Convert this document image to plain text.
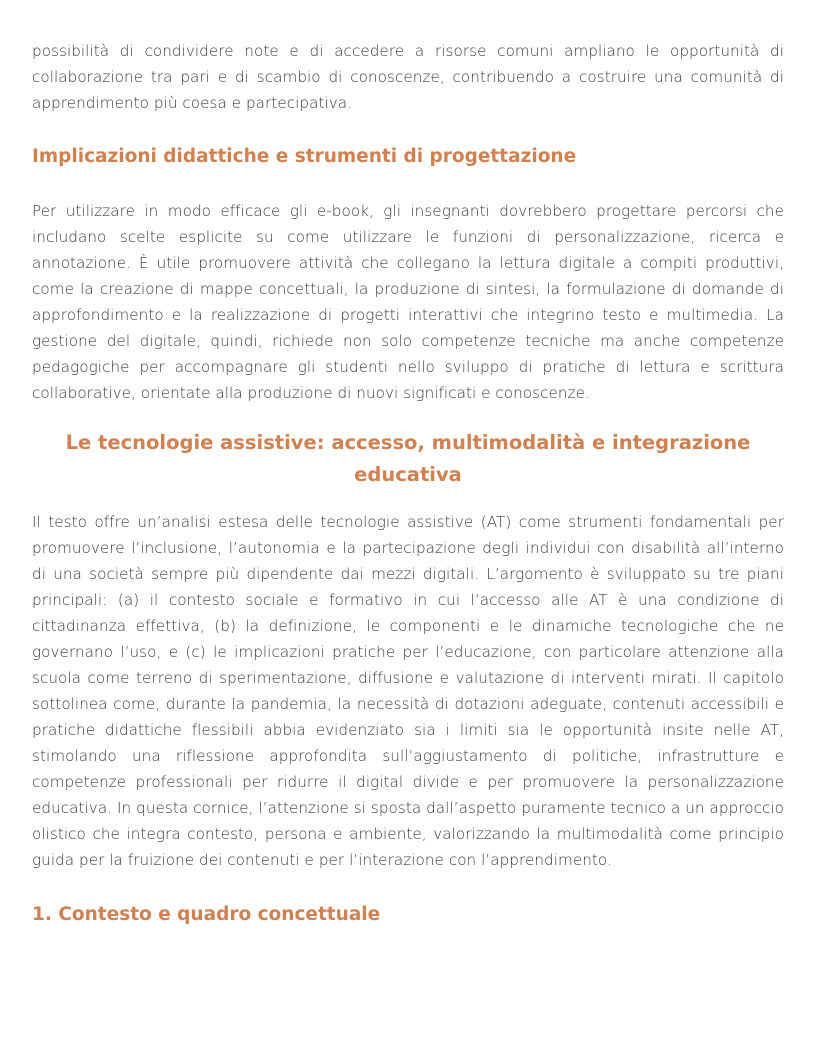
possibilità di condividere note e di accedere a risorse comuni ampliano le opportunità di collaborazione tra pari e di scambio di conoscenze, contribuendo a costruire una comunità di apprendimento più coesa e partecipativa.

Implicazioni didattiche e strumenti di progettazione

Per utilizzare in modo efficace gli e-book, gli insegnanti dovrebbero progettare percorsi che includano scelte esplicite su come utilizzare le funzioni di personalizzazione, ricerca e annotazione. È utile promuovere attività che collegano la lettura digitale a compiti produttivi, come la creazione di mappe concettuali, la produzione di sintesi, la formulazione di domande di approfondimento e la realizzazione di progetti interattivi che integrino testo e multimedia. La gestione del digitale, quindi, richiede non solo competenze tecniche ma anche competenze pedagogiche per accompagnare gli studenti nello sviluppo di pratiche di lettura e scrittura collaborative, orientate alla produzione di nuovi significati e conoscenze.

Le tecnologie assistive: accesso, multimodalità e integrazione educativa

Il testo offre un’analisi estesa delle tecnologie assistive (AT) come strumenti fondamentali per promuovere l’inclusione, l’autonomia e la partecipazione degli individui con disabilità all’interno di una società sempre più dipendente dai mezzi digitali. L’argomento è sviluppato su tre piani principali: (a) il contesto sociale e formativo in cui l’accesso alle AT è una condizione di cittadinanza effettiva, (b) la definizione, le componenti e le dinamiche tecnologiche che ne governano l’uso, e (c) le implicazioni pratiche per l’educazione, con particolare attenzione alla scuola come terreno di sperimentazione, diffusione e valutazione di interventi mirati. Il capitolo sottolinea come, durante la pandemia, la necessità di dotazioni adeguate, contenuti accessibili e pratiche didattiche flessibili abbia evidenziato sia i limiti sia le opportunità insite nelle AT, stimolando una riflessione approfondita sull’aggiustamento di politiche, infrastrutture e competenze professionali per ridurre il digital divide e per promuovere la personalizzazione educativa. In questa cornice, l’attenzione si sposta dall’aspetto puramente tecnico a un approccio olistico che integra contesto, persona e ambiente, valorizzando la multimodalità come principio guida per la fruizione dei contenuti e per l’interazione con l’apprendimento.

1. Contesto e quadro concettuale
